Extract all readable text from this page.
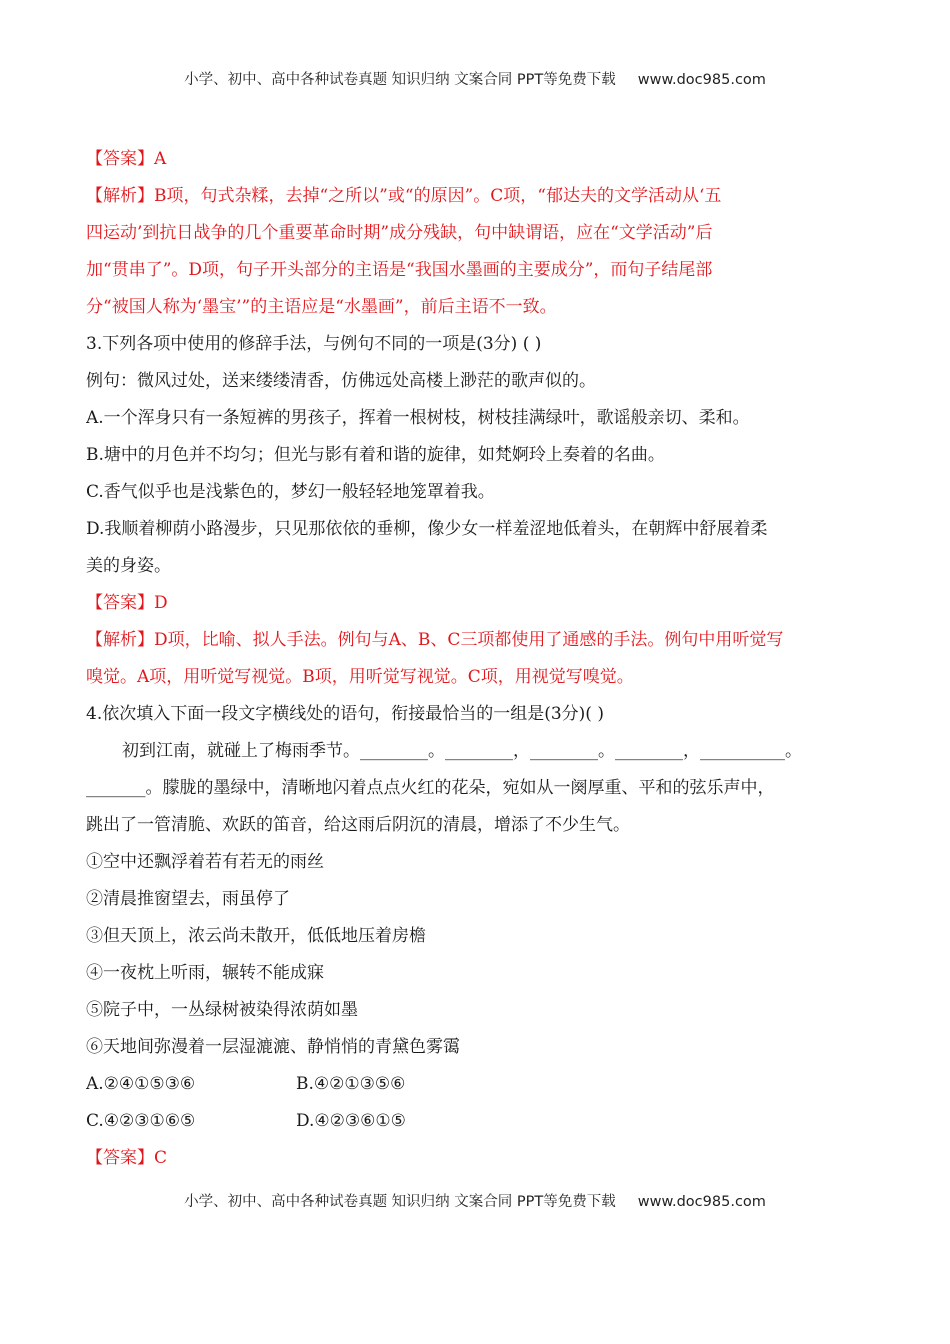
小学、初中、高中各种试卷真题 知识归纳 文案合同 PPT等免费下载 www.doc985.com
【答案】A
【解析】B项，句式杂糅，去掉“之所以”或“的原因”。C项，“郁达夫的文学活动从‘五
四运动’到抗日战争的几个重要革命时期”成分残缺，句中缺谓语，应在“文学活动”后
加“贯串了”。D项，句子开头部分的主语是“我国水墨画的主要成分”，而句子结尾部
分“被国人称为‘墨宝’”的主语应是“水墨画”，前后主语不一致。
3.下列各项中使用的修辞手法，与例句不同的一项是(3分) ( )
例句：微风过处，送来缕缕清香，仿佛远处高楼上渺茫的歌声似的。
A.一个浑身只有一条短裤的男孩子，挥着一根树枝，树枝挂满绿叶，歌谣般亲切、柔和。
B.塘中的月色并不均匀；但光与影有着和谐的旋律，如梵婀玲上奏着的名曲。
C.香气似乎也是浅紫色的，梦幻一般轻轻地笼罩着我。
D.我顺着柳荫小路漫步，只见那依依的垂柳，像少女一样羞涩地低着头，在朝辉中舒展着柔
美的身姿。
【答案】D
【解析】D项，比喻、拟人手法。例句与A、B、C三项都使用了通感的手法。例句中用听觉写
嗅觉。A项，用听觉写视觉。B项，用听觉写视觉。C项，用视觉写嗅觉。
4.依次填入下面一段文字横线处的语句，衔接最恰当的一组是(3分)( )
初到江南，就碰上了梅雨季节。________。________，________。________，__________。
_______。朦胧的墨绿中，清晰地闪着点点火红的花朵，宛如从一阕厚重、平和的弦乐声中，
跳出了一管清脆、欢跃的笛音，给这雨后阴沉的清晨，增添了不少生气。
①空中还飘浮着若有若无的雨丝
②清晨推窗望去，雨虽停了
③但天顶上，浓云尚未散开，低低地压着房檐
④一夜枕上听雨，辗转不能成寐
⑤院子中，一丛绿树被染得浓荫如墨
⑥天地间弥漫着一层湿漉漉、静悄悄的青黛色雾霭
A.②④①⑤③⑥	B.④②①③⑤⑥
C.④②③①⑥⑤	D.④②③⑥①⑤
【答案】C
小学、初中、高中各种试卷真题 知识归纳 文案合同 PPT等免费下载 www.doc985.com
